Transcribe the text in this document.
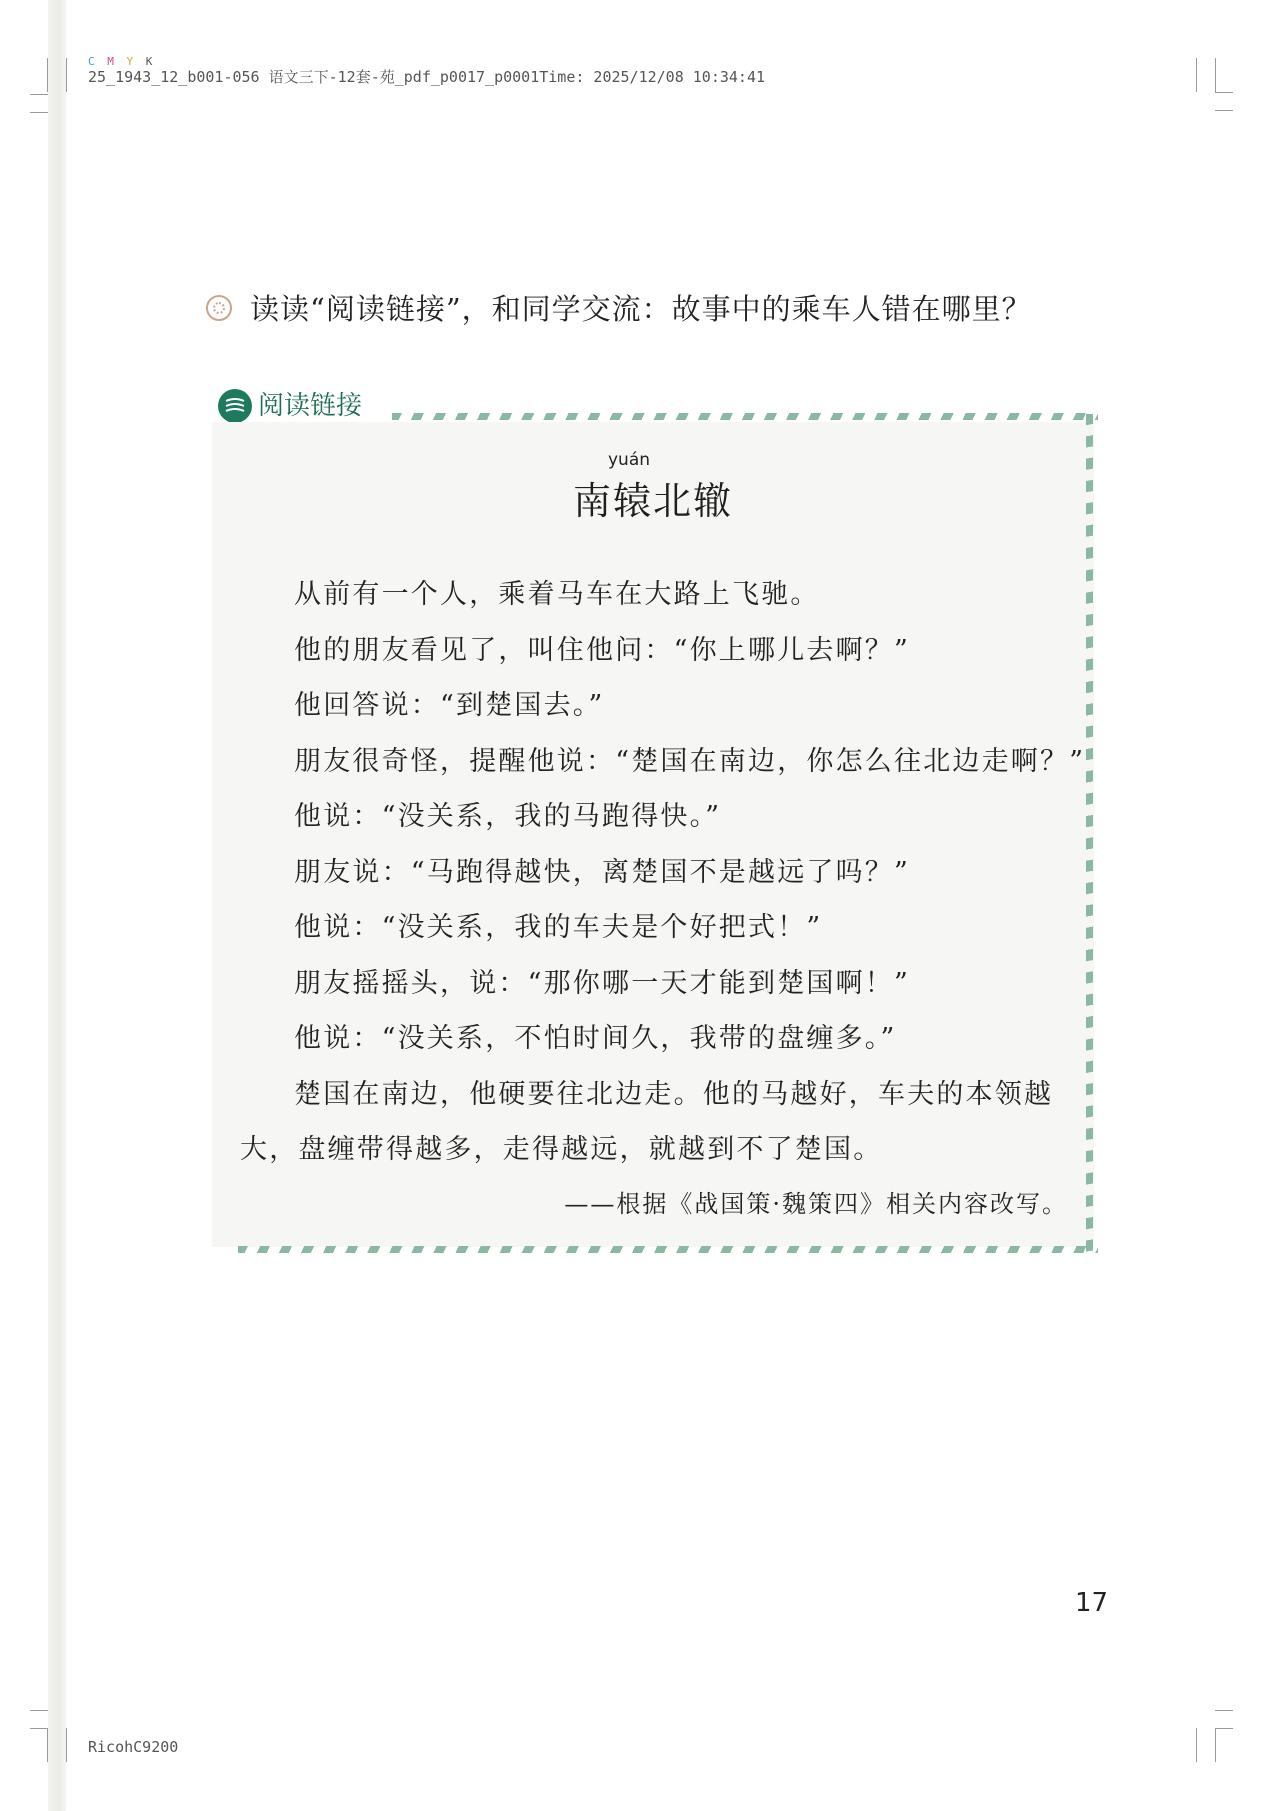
C M Y K
25_1943_12_b001-056 语文三下-12套-苑_pdf_p0017_p0001Time: 2025/12/08 10:34:41
读读“阅读链接”，和同学交流：故事中的乘车人错在哪里？
阅读链接
yuán
南辕北辙

从前有一个人，乘着马车在大路上飞驰。

他的朋友看见了，叫住他问：“你上哪儿去啊？”

他回答说：“到楚国去。”

朋友很奇怪，提醒他说：“楚国在南边，你怎么往北边走啊？”

他说：“没关系，我的马跑得快。”

朋友说：“马跑得越快，离楚国不是越远了吗？”

他说：“没关系，我的车夫是个好把式！”

朋友摇摇头，说：“那你哪一天才能到楚国啊！”

他说：“没关系，不怕时间久，我带的盘缠多。”

楚国在南边，他硬要往北边走。他的马越好，车夫的本领越大，盘缠带得越多，走得越远，就越到不了楚国。

——根据《战国策·魏策四》相关内容改写。
17
RicohC9200
